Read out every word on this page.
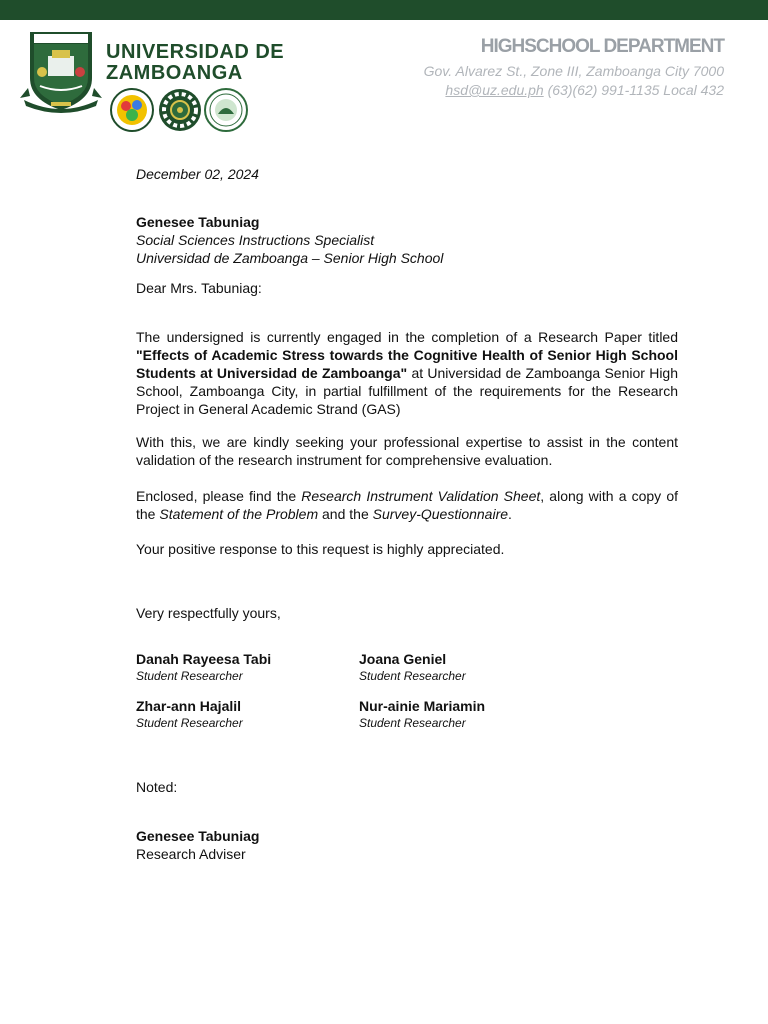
UNIVERSIDAD DE
ZAMBOANGA
HIGHSCHOOL DEPARTMENT
Gov. Alvarez St., Zone III, Zamboanga City 7000
hsd@uz.edu.ph (63)(62) 991-1135 Local 432
December 02, 2024
Genesee Tabuniag
Social Sciences Instructions Specialist
Universidad de Zamboanga – Senior High School
Dear Mrs. Tabuniag:

The undersigned is currently engaged in the completion of a Research Paper titled "Effects of Academic Stress towards the Cognitive Health of Senior High School Students at Universidad de Zamboanga" at Universidad de Zamboanga Senior High School, Zamboanga City, in partial fulfillment of the requirements for the Research Project in General Academic Strand (GAS)

With this, we are kindly seeking your professional expertise to assist in the content validation of the research instrument for comprehensive evaluation.

Enclosed, please find the Research Instrument Validation Sheet, along with a copy of the Statement of the Problem and the Survey-Questionnaire.

Your positive response to this request is highly appreciated.

Very respectfully yours,
Danah Rayeesa Tabi
Student Researcher
Joana Geniel
Student Researcher
Zhar-ann Hajalil
Student Researcher
Nur-ainie Mariamin
Student Researcher
Noted:
Genesee Tabuniag
Research Adviser
